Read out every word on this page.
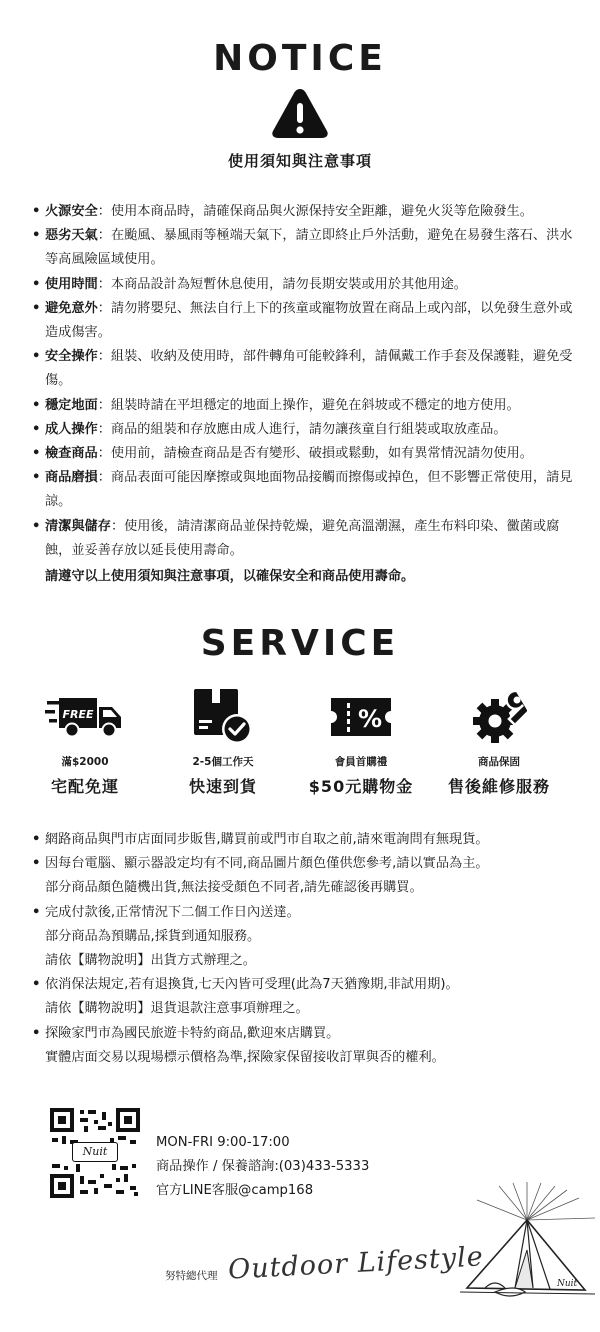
NOTICE
使用須知與注意事項
• 火源安全：使用本商品時，請確保商品與火源保持安全距離，避免火災等危險發生。
• 惡劣天氣：在颱風、暴風雨等極端天氣下，請立即終止戶外活動，避免在易發生落石、洪水等高風險區域使用。
• 使用時間：本商品設計為短暫休息使用，請勿長期安裝或用於其他用途。
• 避免意外：請勿將嬰兒、無法自行上下的孩童或寵物放置在商品上或內部，以免發生意外或造成傷害。
• 安全操作：組裝、收納及使用時，部件轉角可能較鋒利，請佩戴工作手套及保護鞋，避免受傷。
• 穩定地面：組裝時請在平坦穩定的地面上操作，避免在斜坡或不穩定的地方使用。
• 成人操作：商品的組裝和存放應由成人進行，請勿讓孩童自行組裝或取放產品。
• 檢查商品：使用前，請檢查商品是否有變形、破損或鬆動，如有異常情況請勿使用。
• 商品磨損：商品表面可能因摩擦或與地面物品接觸而擦傷或掉色，但不影響正常使用，請見諒。
• 清潔與儲存：使用後，請清潔商品並保持乾燥，避免高溫潮濕，產生布料印染、黴菌或腐蝕，並妥善存放以延長使用壽命。
請遵守以上使用須知與注意事項，以確保安全和商品使用壽命。
SERVICE
FREE
滿$2000
宅配免運
2-5個工作天
快速到貨
%
會員首購禮
$50元購物金
商品保固
售後維修服務
• 網路商品與門市店面同步販售,購買前或門市自取之前,請來電詢問有無現貨。
• 因每台電腦、顯示器設定均有不同,商品圖片顏色僅供您參考,請以實品為主。
部分商品顏色隨機出貨,無法接受顏色不同者,請先確認後再購買。
• 完成付款後,正常情況下二個工作日內送達。
部分商品為預購品,採貨到通知服務。
請依【購物說明】出貨方式辦理之。
• 依消保法規定,若有退換貨,七天內皆可受理(此為7天猶豫期,非試用期)。
請依【購物說明】退貨退款注意事項辦理之。
• 探險家門市為國民旅遊卡特約商品,歡迎來店購買。
實體店面交易以現場標示價格為準,探險家保留接收訂單與否的權利。
Nuit
MON-FRI 9:00-17:00
商品操作 / 保養諮詢:(03)433-5333
官方LINE客服@camp168
努特總代理 Outdoor Lifestyle	Nuit
